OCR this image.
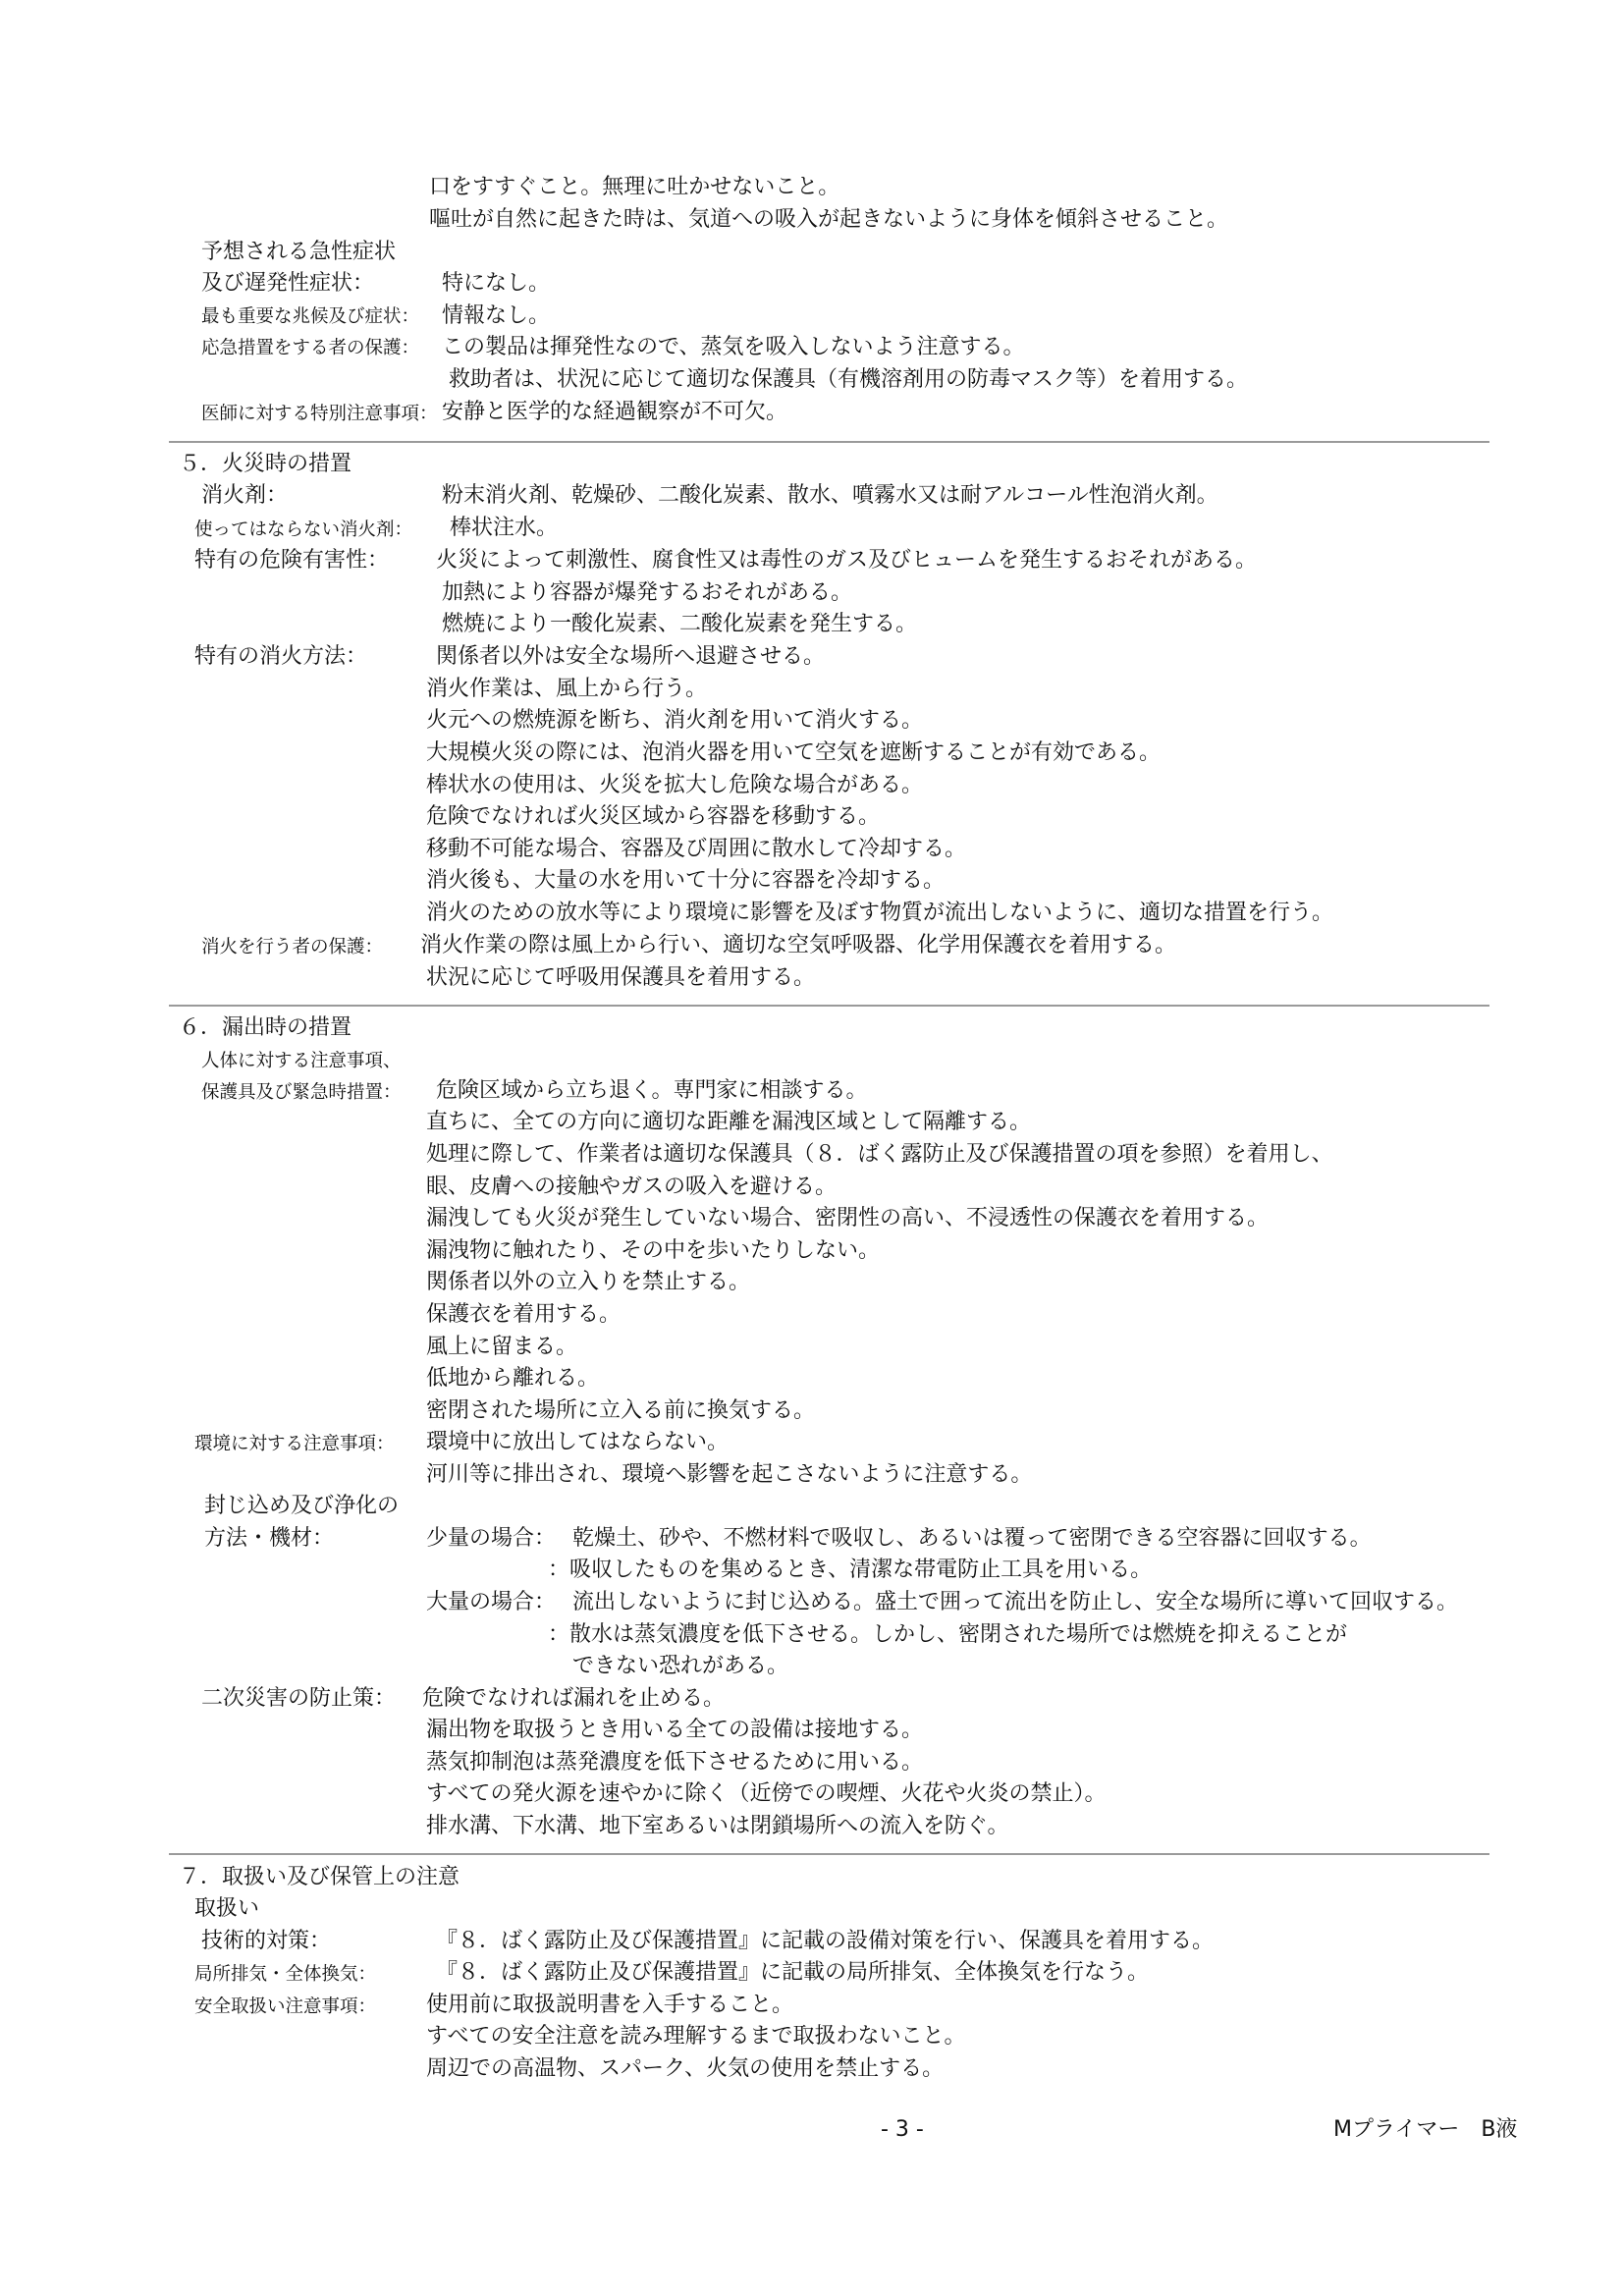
口をすすぐこと。無理に吐かせないこと。
嘔吐が自然に起きた時は、気道への吸入が起きないように身体を傾斜させること。
予想される急性症状
及び遅発性症状：	特になし。
最も重要な兆候及び症状： 情報なし。
応急措置をする者の保護： この製品は揮発性なので、蒸気を吸入しないよう注意する。
救助者は、状況に応じて適切な保護具（有機溶剤用の防毒マスク等）を着用する。
医師に対する特別注意事項： 安静と医学的な経過観察が不可欠。
５．火災時の措置
消火剤：	粉末消火剤、乾燥砂、二酸化炭素、散水、噴霧水又は耐アルコール性泡消火剤。
使ってはならない消火剤： 棒状注水。
特有の危険有害性： 火災によって刺激性、腐食性又は毒性のガス及びヒュームを発生するおそれがある。
加熱により容器が爆発するおそれがある。
燃焼により一酸化炭素、二酸化炭素を発生する。
特有の消火方法：	関係者以外は安全な場所へ退避させる。
消火作業は、風上から行う。
火元への燃焼源を断ち、消火剤を用いて消火する。
大規模火災の際には、泡消火器を用いて空気を遮断することが有効である。
棒状水の使用は、火災を拡大し危険な場合がある。
危険でなければ火災区域から容器を移動する。
移動不可能な場合、容器及び周囲に散水して冷却する。
消火後も、大量の水を用いて十分に容器を冷却する。
消火のための放水等により環境に影響を及ぼす物質が流出しないように、適切な措置を行う。
消火を行う者の保護： 消火作業の際は風上から行い、適切な空気呼吸器、化学用保護衣を着用する。
状況に応じて呼吸用保護具を着用する。
６．漏出時の措置
人体に対する注意事項、
保護具及び緊急時措置： 危険区域から立ち退く。専門家に相談する。
直ちに、全ての方向に適切な距離を漏洩区域として隔離する。
処理に際して、作業者は適切な保護具（８．ばく露防止及び保護措置の項を参照）を着用し、
眼、皮膚への接触やガスの吸入を避ける。
漏洩しても火災が発生していない場合、密閉性の高い、不浸透性の保護衣を着用する。
漏洩物に触れたり、その中を歩いたりしない。
関係者以外の立入りを禁止する。
保護衣を着用する。
風上に留まる。
低地から離れる。
密閉された場所に立入る前に換気する。
環境に対する注意事項： 環境中に放出してはならない。
河川等に排出され、環境へ影響を起こさないように注意する。
封じ込め及び浄化の
方法・機材：	少量の場合： 乾燥土、砂や、不燃材料で吸収し、あるいは覆って密閉できる空容器に回収する。
：吸収したものを集めるとき、清潔な帯電防止工具を用いる。
大量の場合： 流出しないように封じ込める。盛土で囲って流出を防止し、安全な場所に導いて回収する。
：散水は蒸気濃度を低下させる。しかし、密閉された場所では燃焼を抑えることが
できない恐れがある。
二次災害の防止策： 危険でなければ漏れを止める。
漏出物を取扱うとき用いる全ての設備は接地する。
蒸気抑制泡は蒸発濃度を低下させるために用いる。
すべての発火源を速やかに除く（近傍での喫煙、火花や火炎の禁止）。
排水溝、下水溝、地下室あるいは閉鎖場所への流入を防ぐ。
７．取扱い及び保管上の注意
取扱い
技術的対策：	『８．ばく露防止及び保護措置』に記載の設備対策を行い、保護具を着用する。
局所排気・全体換気：	『８．ばく露防止及び保護措置』に記載の局所排気、全体換気を行なう。
安全取扱い注意事項： 使用前に取扱説明書を入手すること。
すべての安全注意を読み理解するまで取扱わないこと。
周辺での高温物、スパーク、火気の使用を禁止する。
- 3 -	Mプライマー　B液
